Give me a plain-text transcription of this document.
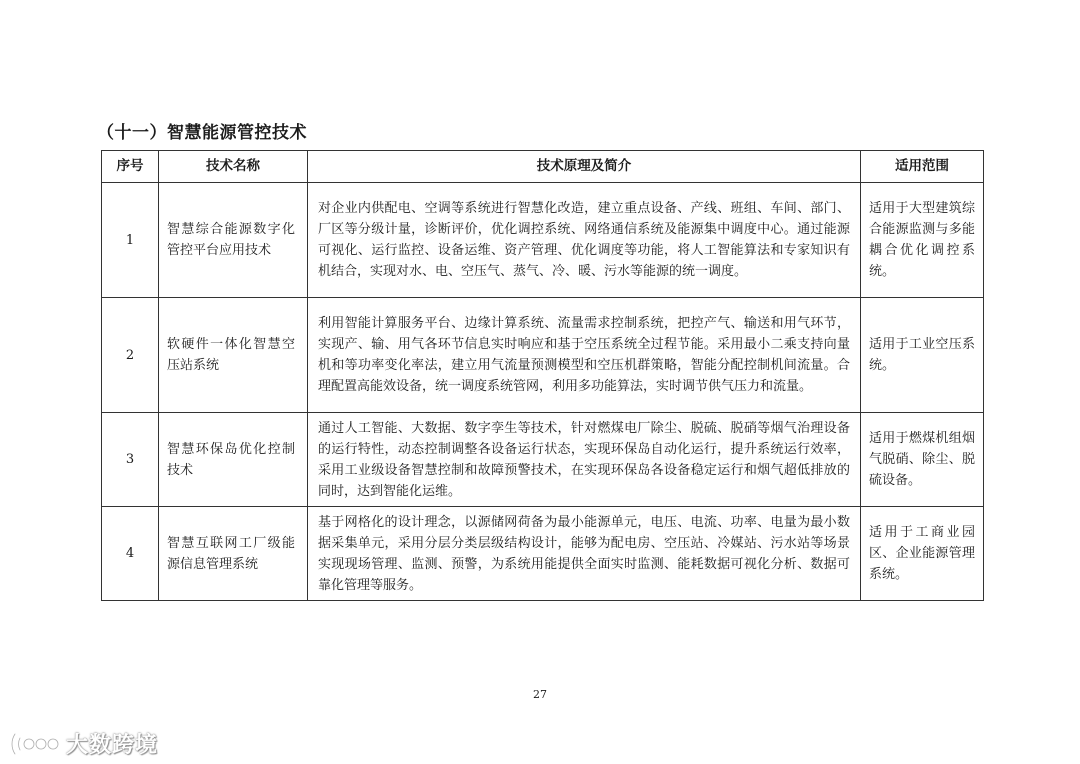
（十一）智慧能源管控技术
序号	技术名称	技术原理及简介	适用范围
1	智慧综合能源数字化管控平台应用技术	对企业内供配电、空调等系统进行智慧化改造，建立重点设备、产线、班组、车间、部门、厂区等分级计量，诊断评价，优化调控系统、网络通信系统及能源集中调度中心。通过能源可视化、运行监控、设备运维、资产管理、优化调度等功能，将人工智能算法和专家知识有机结合，实现对水、电、空压气、蒸气、冷、暖、污水等能源的统一调度。	适用于大型建筑综合能源监测与多能耦合优化调控系统。
2	软硬件一体化智慧空压站系统	利用智能计算服务平台、边缘计算系统、流量需求控制系统，把控产气、输送和用气环节，实现产、输、用气各环节信息实时响应和基于空压系统全过程节能。采用最小二乘支持向量机和等功率变化率法，建立用气流量预测模型和空压机群策略，智能分配控制机间流量。合理配置高能效设备，统一调度系统管网，利用多功能算法，实时调节供气压力和流量。	适用于工业空压系统。
3	智慧环保岛优化控制技术	通过人工智能、大数据、数字孪生等技术，针对燃煤电厂除尘、脱硫、脱硝等烟气治理设备的运行特性，动态控制调整各设备运行状态，实现环保岛自动化运行，提升系统运行效率，采用工业级设备智慧控制和故障预警技术，在实现环保岛各设备稳定运行和烟气超低排放的同时，达到智能化运维。	适用于燃煤机组烟气脱硝、除尘、脱硫设备。
4	智慧互联网工厂级能源信息管理系统	基于网格化的设计理念，以源储网荷备为最小能源单元，电压、电流、功率、电量为最小数据采集单元，采用分层分类层级结构设计，能够为配电房、空压站、冷媒站、污水站等场景实现现场管理、监测、预警，为系统用能提供全面实时监测、能耗数据可视化分析、数据可靠化管理等服务。	适用于工商业园区、企业能源管理系统。
27
大数跨境
